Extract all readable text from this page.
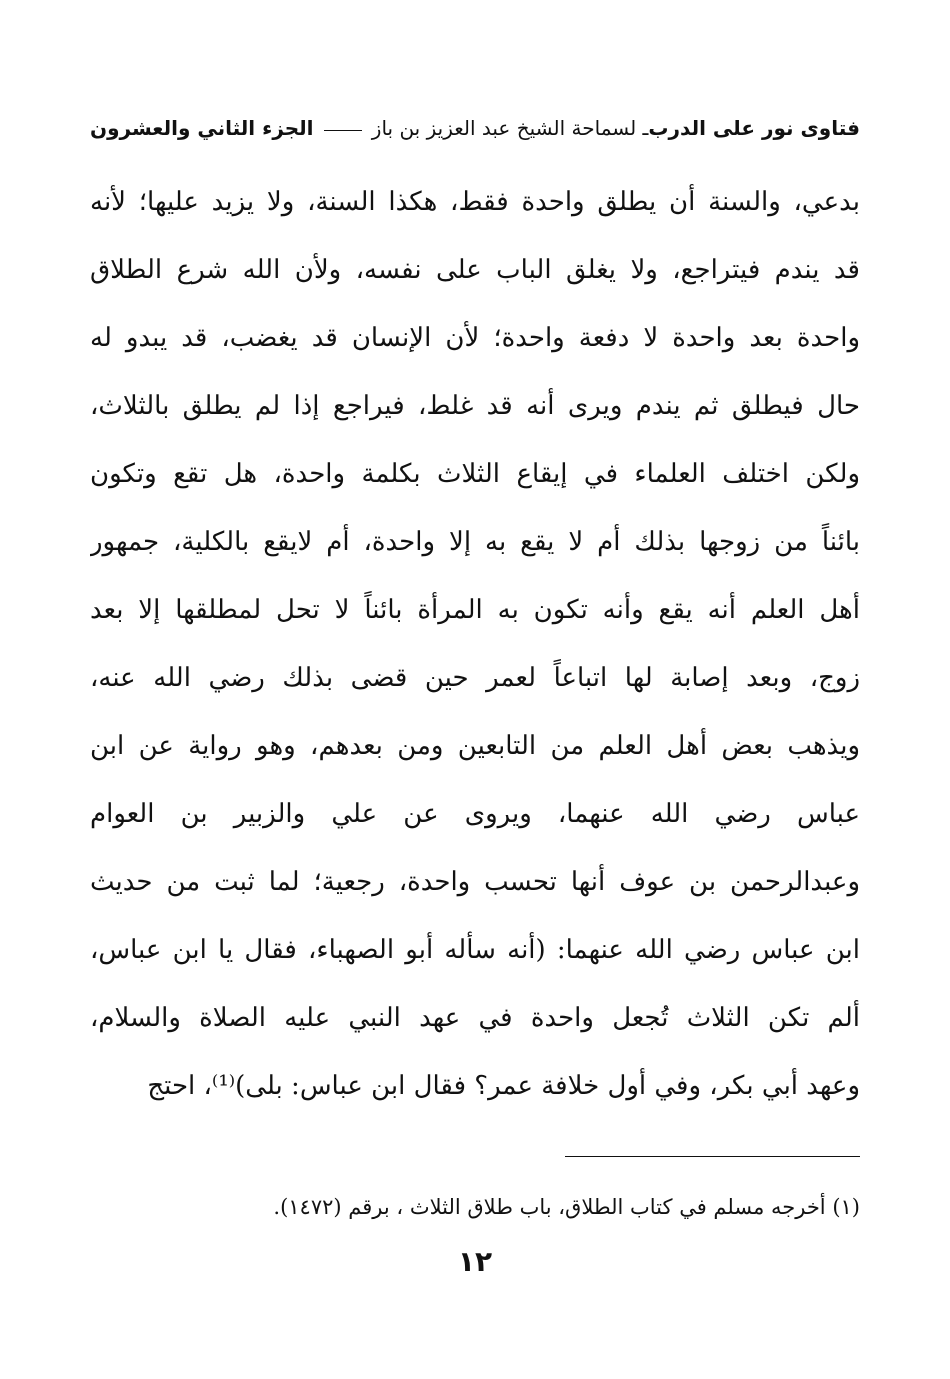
فتاوى نور على الدرب
ـ لسماحة الشيخ عبد العزيز بن باز
الجزء الثاني والعشرون
بدعي، والسنة أن يطلق واحدة فقط، هكذا السنة، ولا يزيد عليها؛ لأنه
قد يندم فيتراجع، ولا يغلق الباب على نفسه، ولأن الله شرع الطلاق
واحدة بعد واحدة لا دفعة واحدة؛ لأن الإنسان قد يغضب، قد يبدو له
حال فيطلق ثم يندم ويرى أنه قد غلط، فيراجع إذا لم يطلق بالثلاث،
ولكن اختلف العلماء في إيقاع الثلاث بكلمة واحدة، هل تقع وتكون
بائناً من زوجها بذلك أم لا يقع به إلا واحدة، أم لايقع بالكلية، جمهور
أهل العلم أنه يقع وأنه تكون به المرأة بائناً لا تحل لمطلقها إلا بعد
زوج، وبعد إصابة لها اتباعاً لعمر حين قضى بذلك رضي الله عنه،
ويذهب بعض أهل العلم من التابعين ومن بعدهم، وهو رواية عن ابن
عباس رضي الله عنهما، ويروى عن علي والزبير بن العوام
وعبدالرحمن بن عوف أنها تحسب واحدة، رجعية؛ لما ثبت من حديث
ابن عباس رضي الله عنهما: (أنه سأله أبو الصهباء، فقال يا ابن عباس،
ألم تكن الثلاث تُجعل واحدة في عهد النبي عليه الصلاة والسلام،
وعهد أبي بكر، وفي أول خلافة عمر؟ فقال ابن عباس: بلى)⁽¹⁾، احتج
(١) أخرجه مسلم في كتاب الطلاق، باب طلاق الثلاث ، برقم (١٤٧٢).
١٢
